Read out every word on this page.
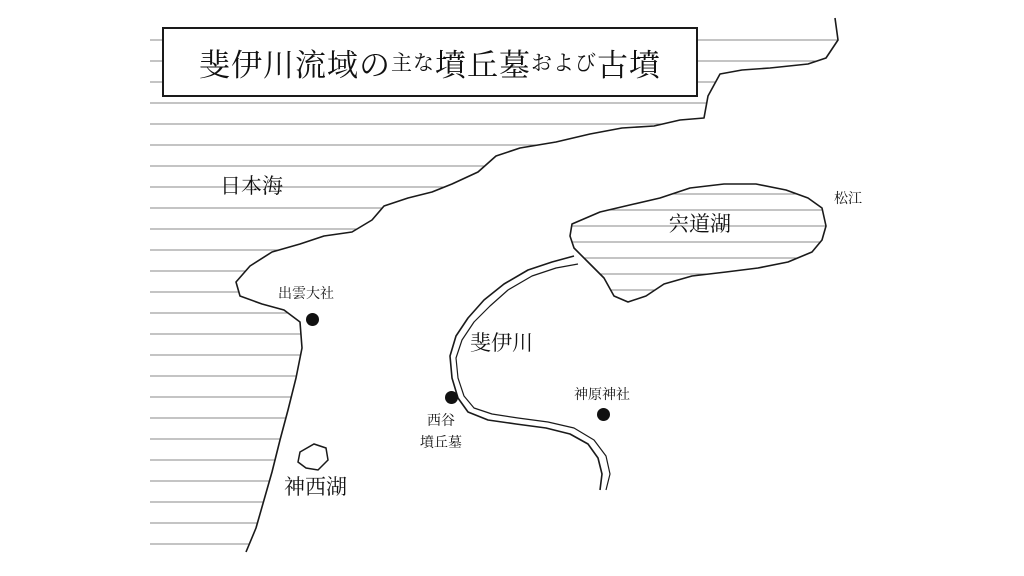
斐伊川流域の 主な 墳丘墓 および 古墳
日本海
宍道湖
松江
出雲大社
斐伊川
西谷
墳丘墓
神原神社
神西湖
